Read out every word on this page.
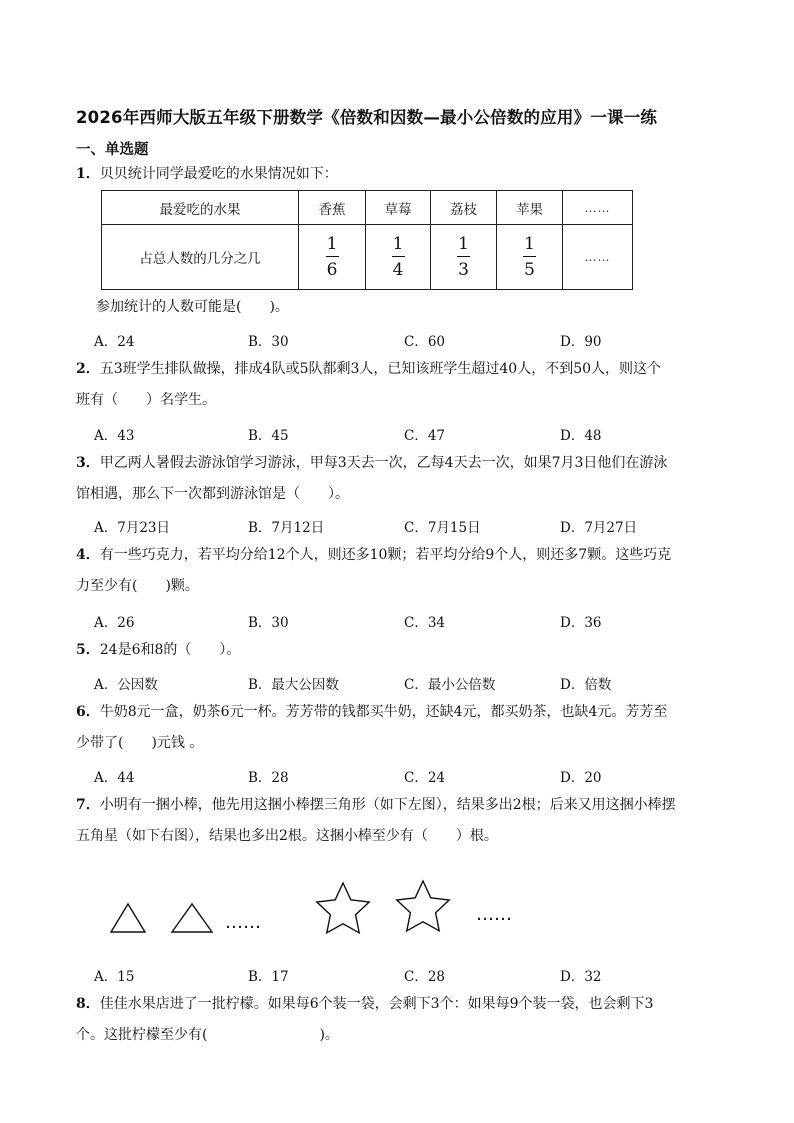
2026年西师大版五年级下册数学《倍数和因数—最小公倍数的应用》一课一练
一、单选题
1．贝贝统计同学最爱吃的水果情况如下：
最爱吃的水果	香蕉	草莓	荔枝	苹果	……
占总人数的几分之几	$\frac{1}{6}$	$\frac{1}{4}$	$\frac{1}{3}$	$\frac{1}{5}$	……
参加统计的人数可能是(　　)。
A．24	B．30	C．60	D．90
2．五3班学生排队做操，排成4队或5队都剩3人，已知该班学生超过40人，不到50人，则这个
班有（　　）名学生。
A．43	B．45	C．47	D．48
3．甲乙两人暑假去游泳馆学习游泳，甲每3天去一次，乙每4天去一次，如果7月3日他们在游泳
馆相遇，那么下一次都到游泳馆是（　　）。
A．7月23日	B．7月12日	C．7月15日	D．7月27日
4．有一些巧克力，若平均分给12个人，则还多10颗；若平均分给9个人，则还多7颗。这些巧克
力至少有(　　)颗。
A．26	B．30	C．34	D．36
5．24是6和8的（　　）。
A．公因数	B．最大公因数	C．最小公倍数	D．倍数
6．牛奶8元一盒，奶茶6元一杯。芳芳带的钱都买牛奶，还缺4元，都买奶茶，也缺4元。芳芳至
少带了(　　)元钱 。
A．44	B．28	C．24	D．20
7．小明有一捆小棒，他先用这捆小棒摆三角形（如下左图），结果多出2根；后来又用这捆小棒摆
五角星（如下右图），结果也多出2根。这捆小棒至少有（　　）根。
……	……
A．15	B．17	C．28	D．32
8．佳佳水果店进了一批柠檬。如果每6个装一袋，会剩下3个：如果每9个装一袋，也会剩下3
个。这批柠檬至少有(　　　　　　　　)。
